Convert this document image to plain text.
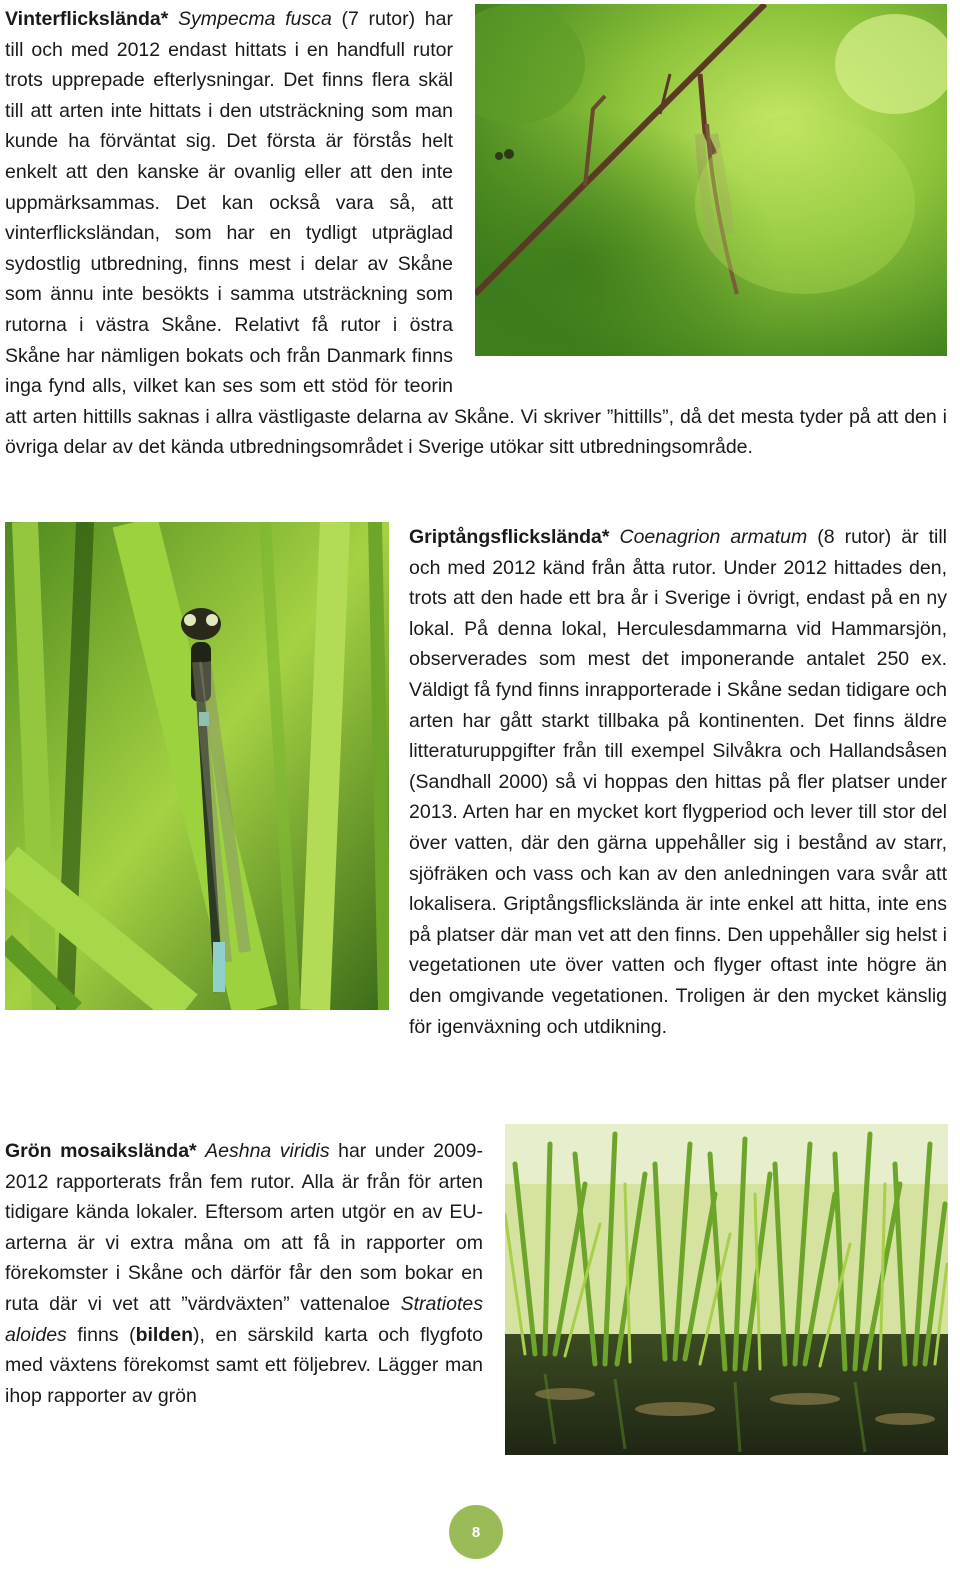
Vinterflickslända* Sympecma fusca (7 rutor) har till och med 2012 endast hittats i en handfull rutor trots upprepade efterlysningar. Det finns flera skäl till att arten inte hittats i den utsträckning som man kunde ha förväntat sig. Det första är förstås helt enkelt att den kanske är ovanlig eller att den inte uppmärksammas. Det kan också vara så, att vinterflicksländan, som har en tydligt utpräglad sydostlig utbredning, finns mest i delar av Skåne som ännu inte besökts i samma utsträckning som rutorna i västra Skåne. Relativt få rutor i östra Skåne har nämligen bokats och från Danmark finns inga fynd alls, vilket kan ses som ett stöd för teorin att arten hittills saknas i allra västligaste delarna av Skåne. Vi skriver ”hittills”, då det mesta tyder på att den i övriga delar av det kända utbredningsområdet i Sverige utökar sitt utbredningsområde.

Griptångsflickslända* Coenagrion armatum (8 rutor) är till och med 2012 känd från åtta rutor. Under 2012 hittades den, trots att den hade ett bra år i Sverige i övrigt, endast på en ny lokal. På denna lokal, Herculesdammarna vid Hammarsjön, observerades som mest det imponerande antalet 250 ex. Väldigt få fynd finns inrapporterade i Skåne sedan tidigare och arten har gått starkt tillbaka på kontinenten. Det finns äldre litteraturuppgifter från till exempel Silvåkra och Hallandsåsen (Sandhall 2000) så vi hoppas den hittas på fler platser under 2013. Arten har en mycket kort flygperiod och lever till stor del över vatten, där den gärna uppehåller sig i bestånd av starr, sjöfräken och vass och kan av den anledningen vara svår att lokalisera. Griptångsflickslända är inte enkel att hitta, inte ens på platser där man vet att den finns. Den uppehåller sig helst i vegetationen ute över vatten och flyger oftast inte högre än den omgivande vegetationen. Troligen är den mycket känslig för igenväxning och utdikning.

Grön mosaikslända* Aeshna viridis har under 2009-2012 rapporterats från fem rutor. Alla är från för arten tidigare kända lokaler. Eftersom arten utgör en av EU-arterna är vi extra måna om att få in rapporter om förekomster i Skåne och därför får den som bokar en ruta där vi vet att ”värdväxten” vattenaloe Stratiotes aloides finns (bilden), en särskild karta och flygfoto med växtens förekomst samt ett följebrev. Lägger man ihop rapporter av grön

8
